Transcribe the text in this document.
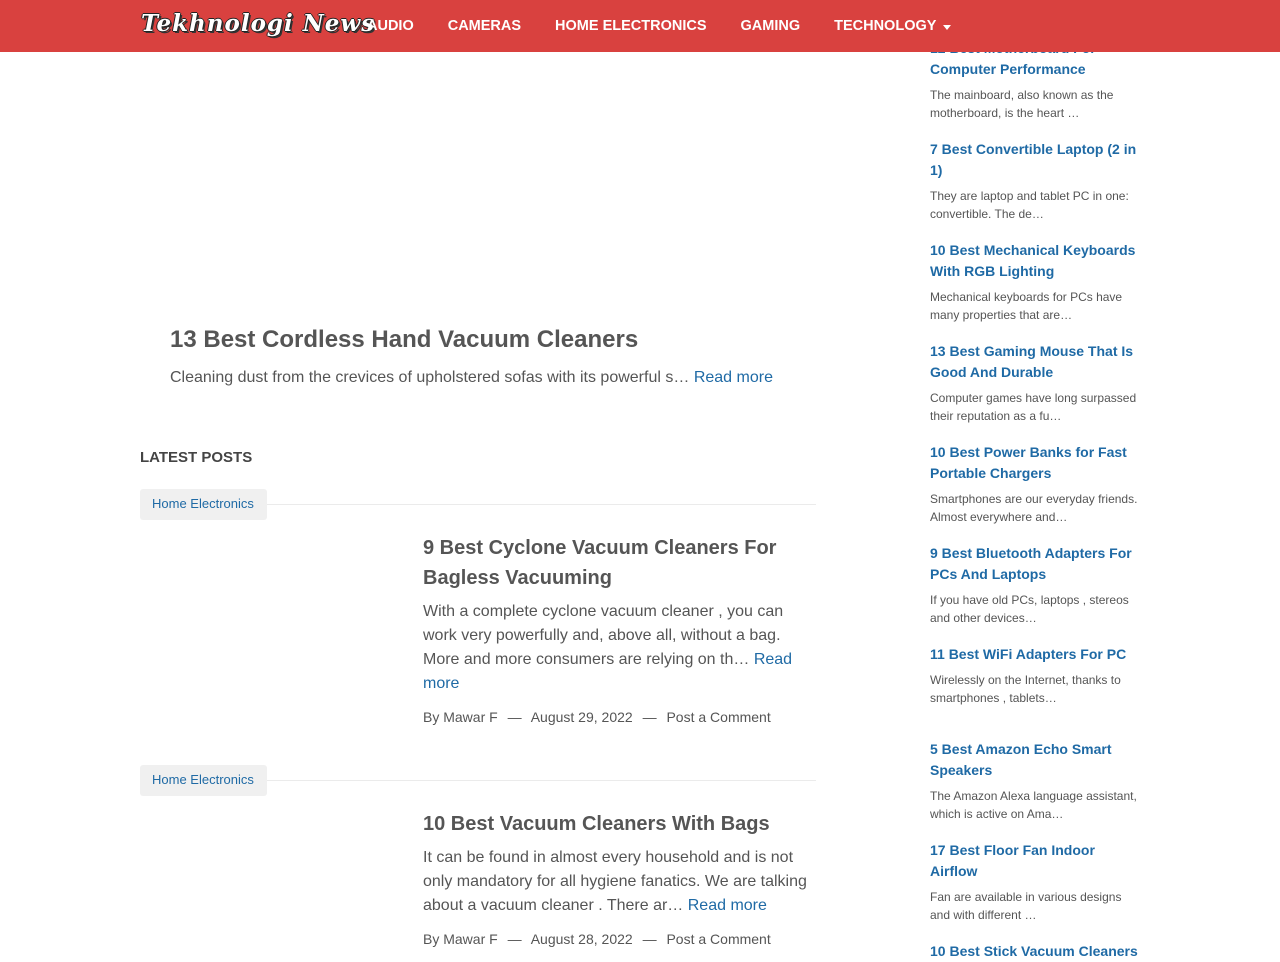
Computer Performance
The mainboard, also known as the motherboard, is the heart …
7 Best Convertible Laptop (2 in 1)
They are laptop and tablet PC in one: convertible. The de…
10 Best Mechanical Keyboards With RGB Lighting
Mechanical keyboards for PCs have many properties that are…
13 Best Gaming Mouse That Is Good And Durable
Computer games have long surpassed their reputation as a fu…
10 Best Power Banks for Fast Portable Chargers
Smartphones are our everyday friends. Almost everywhere and…
9 Best Bluetooth Adapters For PCs And Laptops
If you have old PCs, laptops , stereos and other devices…
11 Best WiFi Adapters For PC
Wirelessly on the Internet, thanks to smartphones , tablets…
5 Best Amazon Echo Smart Speakers
The Amazon Alexa language assistant, which is active on Ama…
17 Best Floor Fan Indoor Airflow
Fan are available in various designs and with different …
10 Best Stick Vacuum Cleaners
Tekhnologi News
AUDIO	CAMERAS	HOME ELECTRONICS	GAMING	TECHNOLOGY
13 Best Cordless Hand Vacuum Cleaners
Cleaning dust from the crevices of upholstered sofas with its powerful s… Read more
LATEST POSTS
Home Electronics
9 Best Cyclone Vacuum Cleaners For Bagless Vacuuming

With a complete cyclone vacuum cleaner , you can work very powerfully and, above all, without a bag. More and more consumers are relying on th… Read more

By Mawar F — August 29, 2022 — Post a Comment
Home Electronics
10 Best Vacuum Cleaners With Bags

It can be found in almost every household and is not only mandatory for all hygiene fanatics. We are talking about a vacuum cleaner . There ar… Read more

By Mawar F — August 28, 2022 — Post a Comment
